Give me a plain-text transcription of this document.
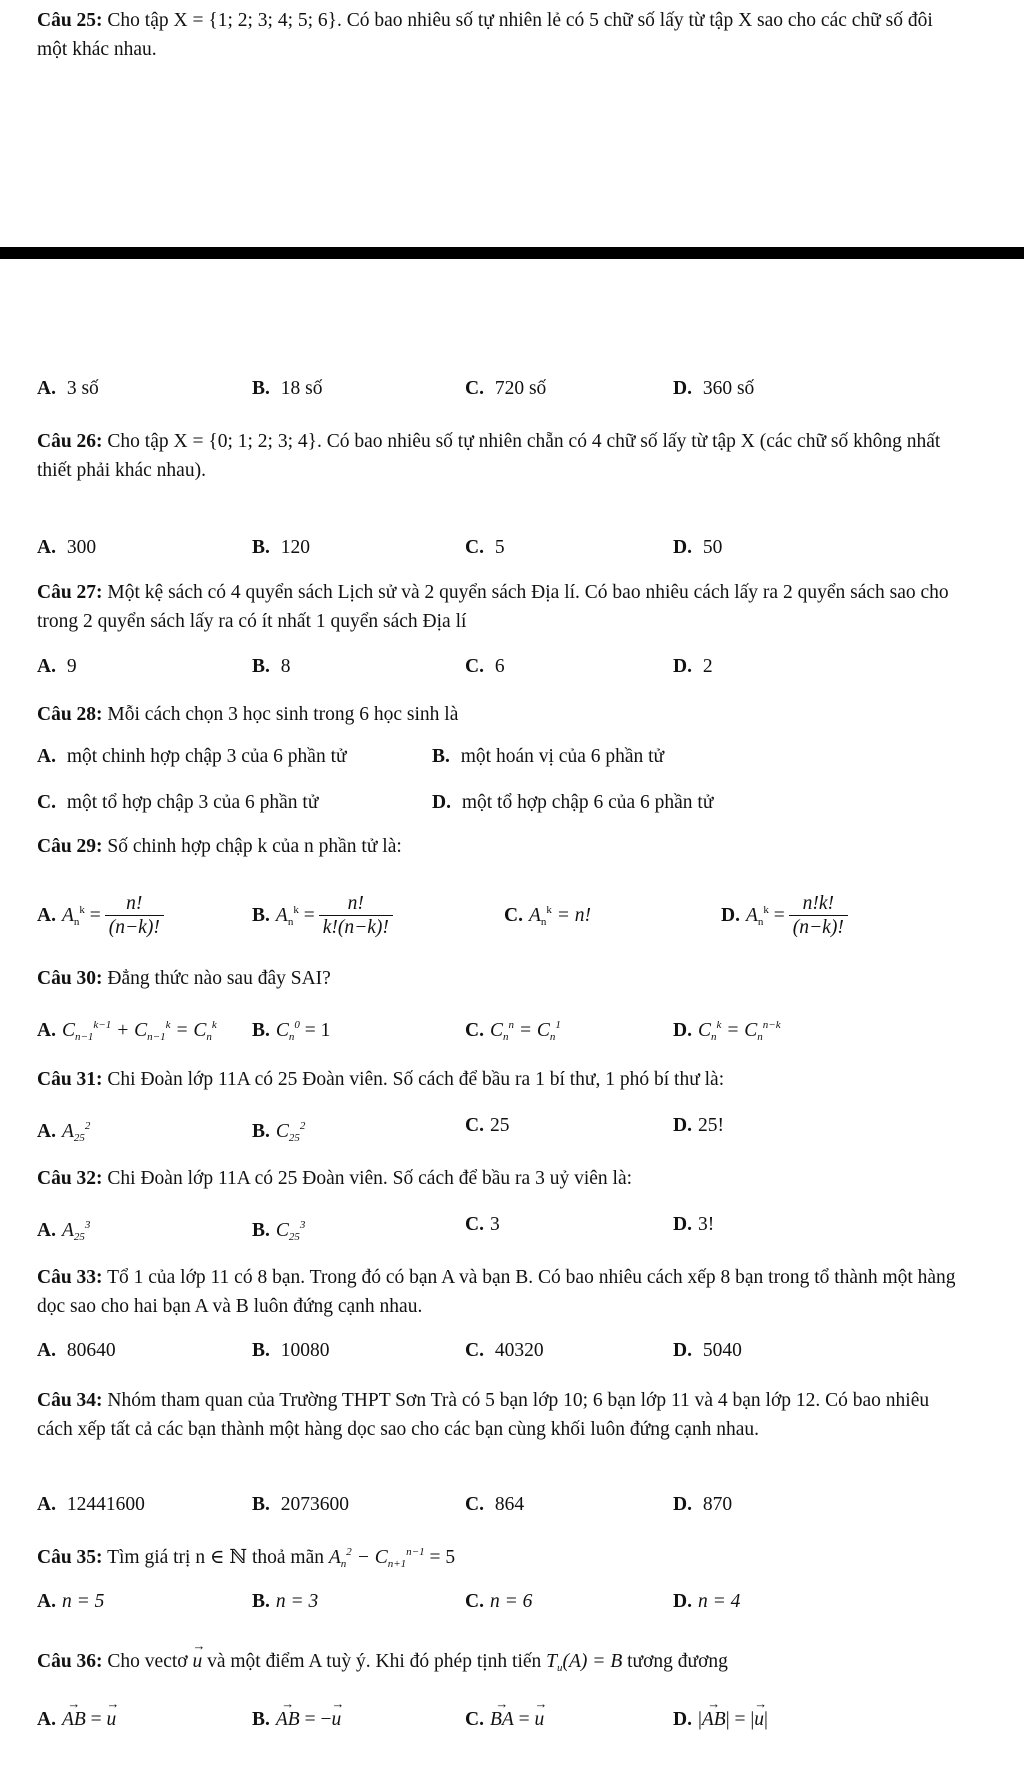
Câu 25: Cho tập X = {1; 2; 3; 4; 5; 6}. Có bao nhiêu số tự nhiên lẻ có 5 chữ số lấy từ tập X sao cho các chữ số đôi một khác nhau.
A. 3 số	B. 18 số	C. 720 số	D. 360 số
Câu 26: Cho tập X = {0; 1; 2; 3; 4}. Có bao nhiêu số tự nhiên chẵn có 4 chữ số lấy từ tập X (các chữ số không nhất thiết phải khác nhau).
A. 300	B. 120	C. 5	D. 50
Câu 27: Một kệ sách có 4 quyển sách Lịch sử và 2 quyển sách Địa lí. Có bao nhiêu cách lấy ra 2 quyển sách sao cho trong 2 quyển sách lấy ra có ít nhất 1 quyển sách Địa lí
A. 9	B. 8	C. 6	D. 2
Câu 28: Mỗi cách chọn 3 học sinh trong 6 học sinh là
A. một chinh hợp chập 3 của 6 phần tử	B. một hoán vị của 6 phần tử
C. một tổ hợp chập 3 của 6 phần tử	D. một tổ hợp chập 6 của 6 phần tử
Câu 29: Số chinh hợp chập k của n phần tử là:
A. $A_n^k = \frac{n!}{(n-k)!}$	B. $A_n^k = \frac{n!}{k!(n-k)!}$	C. $A_n^k = n$!	D. $A_n^k = \frac{n!k!}{(n-k)!}$
Câu 30: Đẳng thức nào sau đây SAI?
A. $C_{n-1}^{k-1} + C_{n-1}^k = C_n^k$ B. $C_n^0 = 1$	C. $C_n^n = C_n^1$	D. $C_n^k = C_n^{n-k}$
Câu 31: Chi Đoàn lớp 11A có 25 Đoàn viên. Số cách để bầu ra 1 bí thư, 1 phó bí thư là:
A. $A_{25}^2$	B. $C_{25}^2$	C. 25	D. 25!
Câu 32: Chi Đoàn lớp 11A có 25 Đoàn viên. Số cách để bầu ra 3 uỷ viên là:
A. $A_{25}^3$	B. $C_{25}^3$	C. 3	D. 3!
Câu 33: Tổ 1 của lớp 11 có 8 bạn. Trong đó có bạn A và bạn B. Có bao nhiêu cách xếp 8 bạn trong tổ thành một hàng dọc sao cho hai bạn A và B luôn đứng cạnh nhau.
A. 80640	B. 10080	C. 40320	D. 5040
Câu 34: Nhóm tham quan của Trường THPT Sơn Trà có 5 bạn lớp 10; 6 bạn lớp 11 và 4 bạn lớp 12. Có bao nhiêu cách xếp tất cả các bạn thành một hàng dọc sao cho các bạn cùng khối luôn đứng cạnh nhau.
A. 12441600	B. 2073600	C. 864	D. 870
Câu 35: Tìm giá trị n ∈ ℕ thoả mãn $A_n^2 - C_{n+1}^{n-1} = 5$
A. n = 5	B. n = 3	C. n = 6	D. n = 4
Câu 36: Cho vectơ → u và một điểm A tuỳ ý. Khi đó phép tịnh tiến $T_u(A) = B$ tương đương
A. → AB = → u	B. → AB = −→ u	C. → BA = → u	D. |→ AB| = |→ u|
